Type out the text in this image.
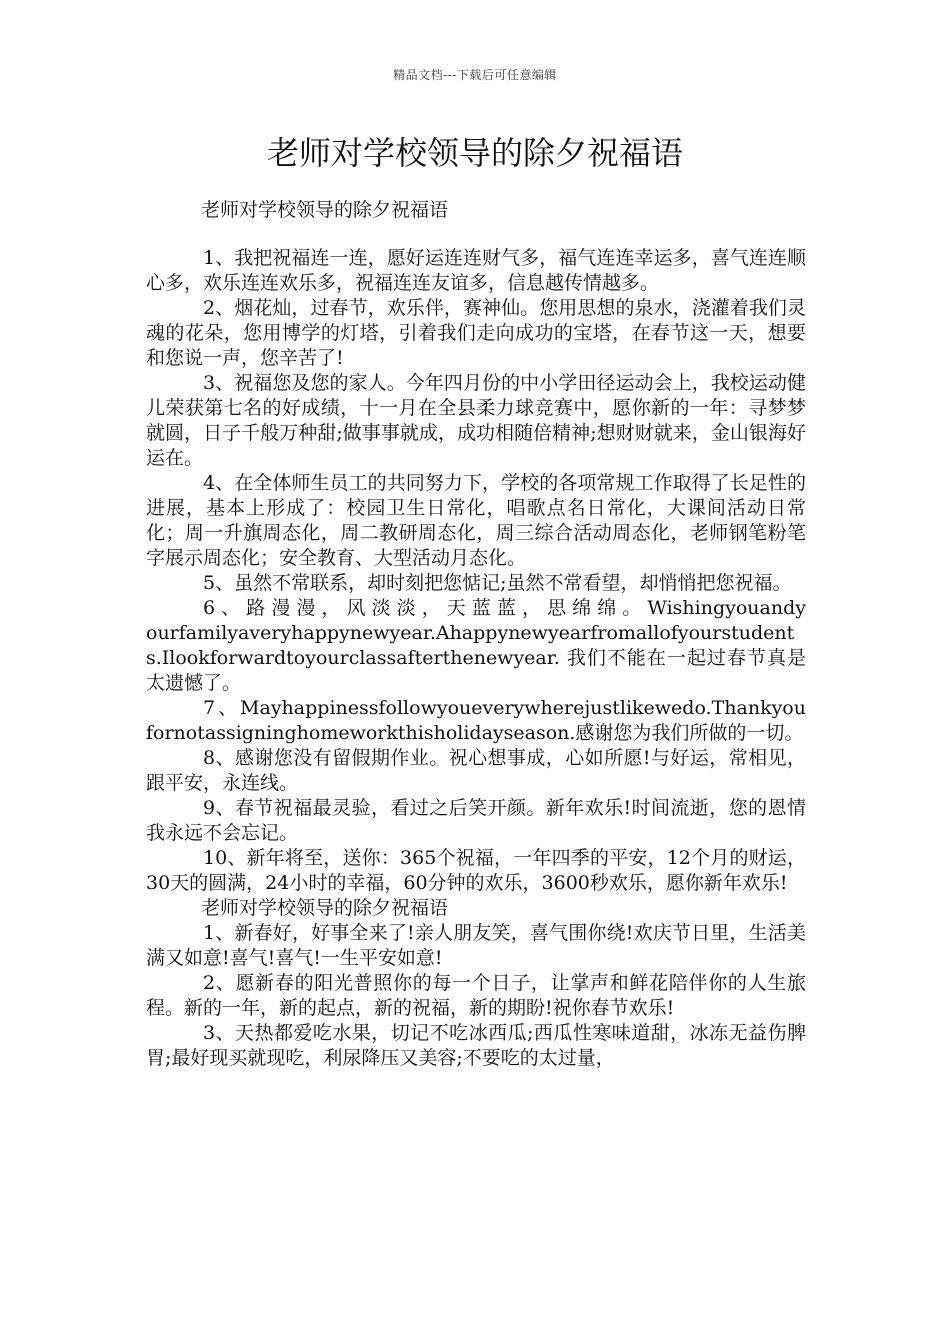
精品文档---下载后可任意编辑
老师对学校领导的除夕祝福语

老师对学校领导的除夕祝福语

1、我把祝福连一连，愿好运连连财气多，福气连连幸运多，喜气连连顺心多，欢乐连连欢乐多，祝福连连友谊多，信息越传情越多。

2、烟花灿，过春节，欢乐伴，赛神仙。您用思想的泉水，浇灌着我们灵魂的花朵，您用博学的灯塔，引着我们走向成功的宝塔，在春节这一天，想要和您说一声，您辛苦了!

3、祝福您及您的家人。今年四月份的中小学田径运动会上，我校运动健儿荣获第七名的好成绩，十一月在全县柔力球竞赛中，愿你新的一年：寻梦梦就圆，日子千般万种甜;做事事就成，成功相随倍精神;想财财就来，金山银海好运在。

4、在全体师生员工的共同努力下，学校的各项常规工作取得了长足性的进展，基本上形成了：校园卫生日常化，唱歌点名日常化，大课间活动日常化；周一升旗周态化，周二教研周态化，周三综合活动周态化，老师钢笔粉笔字展示周态化；安全教育、大型活动月态化。

5、虽然不常联系，却时刻把您惦记;虽然不常看望，却悄悄把您祝福。

6 、 路 漫 漫 ， 风 淡 淡 ， 天 蓝 蓝 ， 思 绵 绵 。 Wishingyouandyourfamilyaveryhappynewyear.Ahappynewyearfromallofyourstudents.Ilookforwardtoyourclassafterthenewyear. 我们不能在一起过春节真是太遗憾了。

7、Mayhappinessfollowyoueverywherejustlikewedo.Thankyoufornotassigninghomeworkthisholidayseason.感谢您为我们所做的一切。

8、感谢您没有留假期作业。祝心想事成，心如所愿!与好运，常相见，跟平安，永连线。

9、春节祝福最灵验，看过之后笑开颜。新年欢乐!时间流逝，您的恩情我永远不会忘记。

10、新年将至，送你：365个祝福，一年四季的平安，12个月的财运，30天的圆满，24小时的幸福，60分钟的欢乐，3600秒欢乐，愿你新年欢乐!

老师对学校领导的除夕祝福语

1、新春好，好事全来了!亲人朋友笑，喜气围你绕!欢庆节日里，生活美满又如意!喜气!喜气!一生平安如意!

2、愿新春的阳光普照你的每一个日子，让掌声和鲜花陪伴你的人生旅程。新的一年，新的起点，新的祝福，新的期盼!祝你春节欢乐!

3、天热都爱吃水果，切记不吃冰西瓜;西瓜性寒味道甜，冰冻无益伤脾胃;最好现买就现吃，利尿降压又美容;不要吃的太过量，
